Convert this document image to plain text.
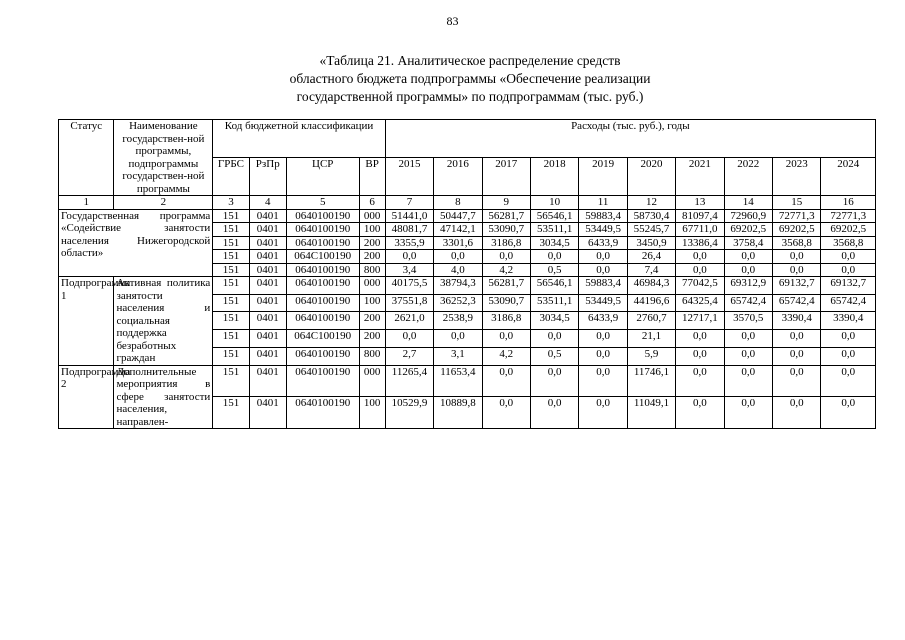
83
«Таблица 21. Аналитическое распределение средств
областного бюджета подпрограммы «Обеспечение реализации
государственной программы» по подпрограммам (тыс. руб.)
Статус	Наименование государствен-ной программы, подпрограммы государствен-ной программы	Код бюджетной классификации				Расходы (тыс. руб.), годы									
		ГРБС	РзПр	ЦСР	ВР	2015	2016	2017	2018	2019	2020	2021	2022	2023	2024
1	2	3	4	5	6	7	8	9	10	11	12	13	14	15	16
Государственная программа «Содействие занятости населения Нижегородской области»		151	0401	0640100190	000	51441,0	50447,7	56281,7	56546,1	59883,4	58730,4	81097,4	72960,9	72771,3	72771,3
		151	0401	0640100190	100	48081,7	47142,1	53090,7	53511,1	53449,5	55245,7	67711,0	69202,5	69202,5	69202,5
		151	0401	0640100190	200	3355,9	3301,6	3186,8	3034,5	6433,9	3450,9	13386,4	3758,4	3568,8	3568,8
		151	0401	064C100190	200	0,0	0,0	0,0	0,0	0,0	26,4	0,0	0,0	0,0	0,0
		151	0401	0640100190	800	3,4	4,0	4,2	0,5	0,0	7,4	0,0	0,0	0,0	0,0
Подпрограмма 1	Активная политика занятости населения и социальная поддержка безработных граждан	151	0401	0640100190	000	40175,5	38794,3	56281,7	56546,1	59883,4	46984,3	77042,5	69312,9	69132,7	69132,7
		151	0401	0640100190	100	37551,8	36252,3	53090,7	53511,1	53449,5	44196,6	64325,4	65742,4	65742,4	65742,4
		151	0401	0640100190	200	2621,0	2538,9	3186,8	3034,5	6433,9	2760,7	12717,1	3570,5	3390,4	3390,4
		151	0401	064C100190	200	0,0	0,0	0,0	0,0	0,0	21,1	0,0	0,0	0,0	0,0
		151	0401	0640100190	800	2,7	3,1	4,2	0,5	0,0	5,9	0,0	0,0	0,0	0,0
Подпрограмма 2	Дополнительные мероприятия в сфере занятости населения, направлен-	151	0401	0640100190	000	11265,4	11653,4	0,0	0,0	0,0	11746,1	0,0	0,0	0,0	0,0
		151	0401	0640100190	100	10529,9	10889,8	0,0	0,0	0,0	11049,1	0,0	0,0	0,0	0,0
